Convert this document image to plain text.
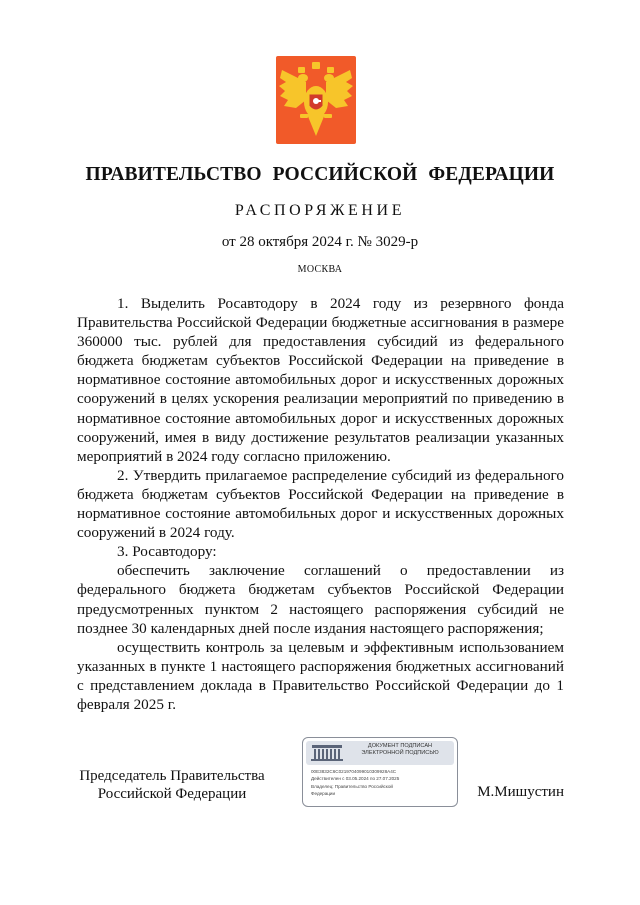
ПРАВИТЕЛЬСТВО РОССИЙСКОЙ ФЕДЕРАЦИИ
РАСПОРЯЖЕНИЕ
от 28 октября 2024 г. № 3029-р
МОСКВА

1. Выделить Росавтодору в 2024 году из резервного фонда Правительства Российской Федерации бюджетные ассигнования в размере 360000 тыс. рублей для предоставления субсидий из федерального бюджета бюджетам субъектов Российской Федерации на приведение в нормативное состояние автомобильных дорог и искусственных дорожных сооружений в целях ускорения реализации мероприятий по приведению в нормативное состояние автомобильных дорог и искусственных дорожных сооружений, имея в виду достижение результатов реализации указанных мероприятий в 2024 году согласно приложению.

2. Утвердить прилагаемое распределение субсидий из федерального бюджета бюджетам субъектов Российской Федерации на приведение в нормативное состояние автомобильных дорог и искусственных дорожных сооружений в 2024 году.

3. Росавтодору:

обеспечить заключение соглашений о предоставлении из федерального бюджета бюджетам субъектов Российской Федерации предусмотренных пунктом 2 настоящего распоряжения субсидий не позднее 30 календарных дней после издания настоящего распоряжения;

осуществить контроль за целевым и эффективным использованием указанных в пункте 1 настоящего распоряжения бюджетных ассигнований с представлением доклада в Правительство Российской Федерации до 1 февраля 2025 г.

Председатель Правительства
Российской Федерации
ДОКУМЕНТ ПОДПИСАН
ЭЛЕКТРОННОЙ ПОДПИСЬЮ
00E3832C6C0219704099010309928A4C
Действителен с 03.05.2024 по 27.07.2025
Владелец: Правительство Российской
Федерации	М.Мишустин
